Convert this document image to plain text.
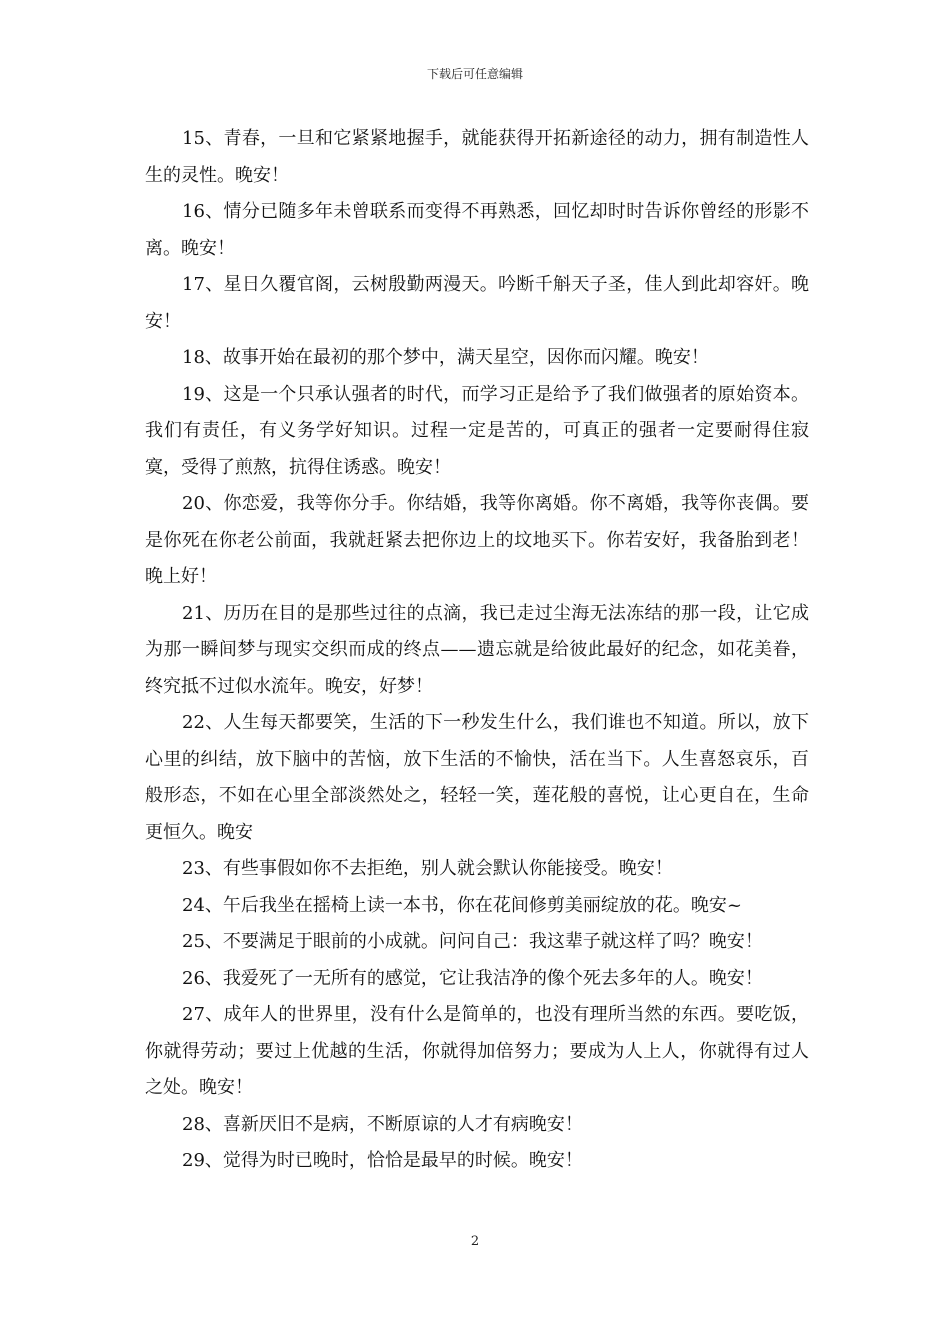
下载后可任意编辑

15、青春，一旦和它紧紧地握手，就能获得开拓新途径的动力，拥有制造性人生的灵性。晚安！

16、情分已随多年未曾联系而变得不再熟悉，回忆却时时告诉你曾经的形影不离。晚安！

17、星日久覆官阁，云树殷勤两漫天。吟断千斛天子圣，佳人到此却容奸。晚安！

18、故事开始在最初的那个梦中，满天星空，因你而闪耀。晚安！

19、这是一个只承认强者的时代，而学习正是给予了我们做强者的原始资本。我们有责任，有义务学好知识。过程一定是苦的，可真正的强者一定要耐得住寂寞，受得了煎熬，抗得住诱惑。晚安！

20、你恋爱，我等你分手。你结婚，我等你离婚。你不离婚，我等你丧偶。要是你死在你老公前面，我就赶紧去把你边上的坟地买下。你若安好，我备胎到老！晚上好！

21、历历在目的是那些过往的点滴，我已走过尘海无法冻结的那一段，让它成为那一瞬间梦与现实交织而成的终点——遗忘就是给彼此最好的纪念，如花美眷，终究抵不过似水流年。晚安，好梦！

22、人生每天都要笑，生活的下一秒发生什么，我们谁也不知道。所以，放下心里的纠结，放下脑中的苦恼，放下生活的不愉快，活在当下。人生喜怒哀乐，百般形态，不如在心里全部淡然处之，轻轻一笑，莲花般的喜悦，让心更自在，生命更恒久。晚安

23、有些事假如你不去拒绝，别人就会默认你能接受。晚安！

24、午后我坐在摇椅上读一本书，你在花间修剪美丽绽放的花。晚安~

25、不要满足于眼前的小成就。问问自己：我这辈子就这样了吗？晚安！

26、我爱死了一无所有的感觉，它让我洁净的像个死去多年的人。晚安！

27、成年人的世界里，没有什么是简单的，也没有理所当然的东西。要吃饭，你就得劳动；要过上优越的生活，你就得加倍努力；要成为人上人，你就得有过人之处。晚安！

28、喜新厌旧不是病，不断原谅的人才有病晚安！

29、觉得为时已晚时，恰恰是最早的时候。晚安！

2
